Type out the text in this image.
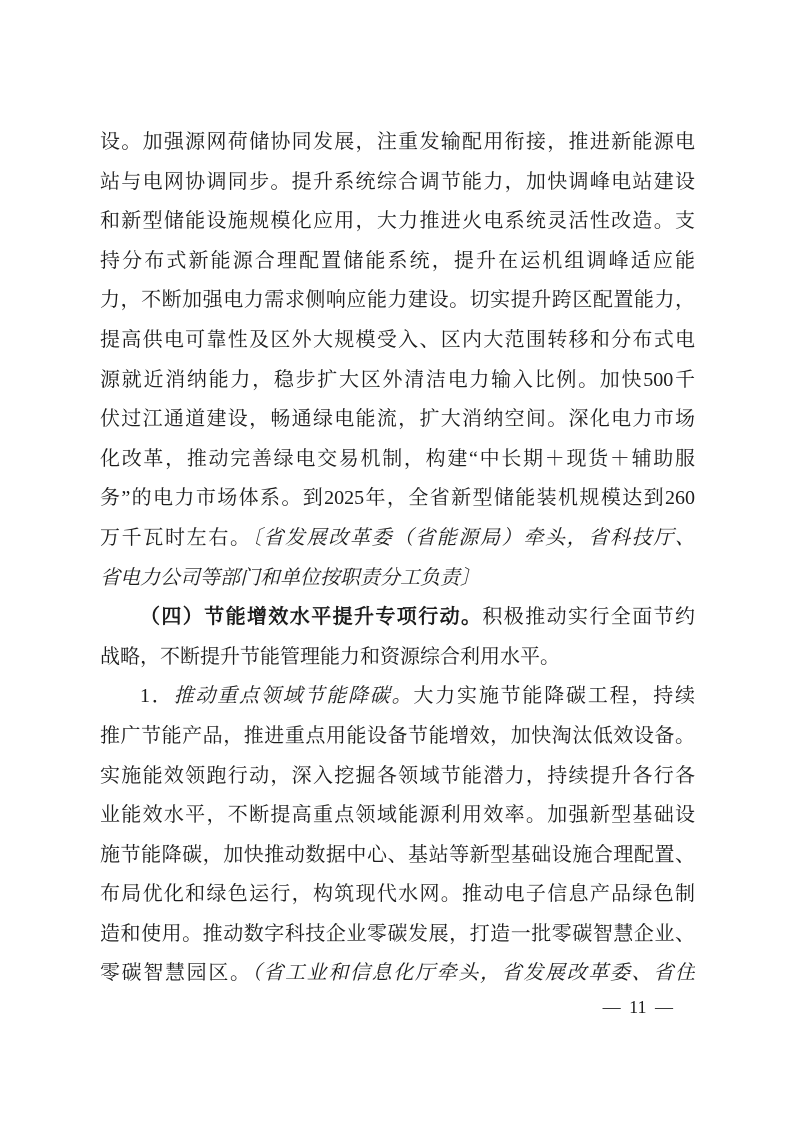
设。加强源网荷储协同发展，注重发输配用衔接，推进新能源电
站与电网协调同步。提升系统综合调节能力，加快调峰电站建设
和新型储能设施规模化应用，大力推进火电系统灵活性改造。支
持分布式新能源合理配置储能系统，提升在运机组调峰适应能
力，不断加强电力需求侧响应能力建设。切实提升跨区配置能力，
提高供电可靠性及区外大规模受入、区内大范围转移和分布式电
源就近消纳能力，稳步扩大区外清洁电力输入比例。加快500千
伏过江通道建设，畅通绿电能流，扩大消纳空间。深化电力市场
化改革，推动完善绿电交易机制，构建“中长期＋现货＋辅助服
务”的电力市场体系。到2025年，全省新型储能装机规模达到260
万千瓦时左右。〔省发展改革委（省能源局）牵头，省科技厅、
省电力公司等部门和单位按职责分工负责〕
（四）节能增效水平提升专项行动。积极推动实行全面节约
战略，不断提升节能管理能力和资源综合利用水平。
1．推动重点领域节能降碳。大力实施节能降碳工程，持续
推广节能产品，推进重点用能设备节能增效，加快淘汰低效设备。
实施能效领跑行动，深入挖掘各领域节能潜力，持续提升各行各
业能效水平，不断提高重点领域能源利用效率。加强新型基础设
施节能降碳，加快推动数据中心、基站等新型基础设施合理配置、
布局优化和绿色运行，构筑现代水网。推动电子信息产品绿色制
造和使用。推动数字科技企业零碳发展，打造一批零碳智慧企业、
零碳智慧园区。（省工业和信息化厅牵头，省发展改革委、省住
— 11 —
